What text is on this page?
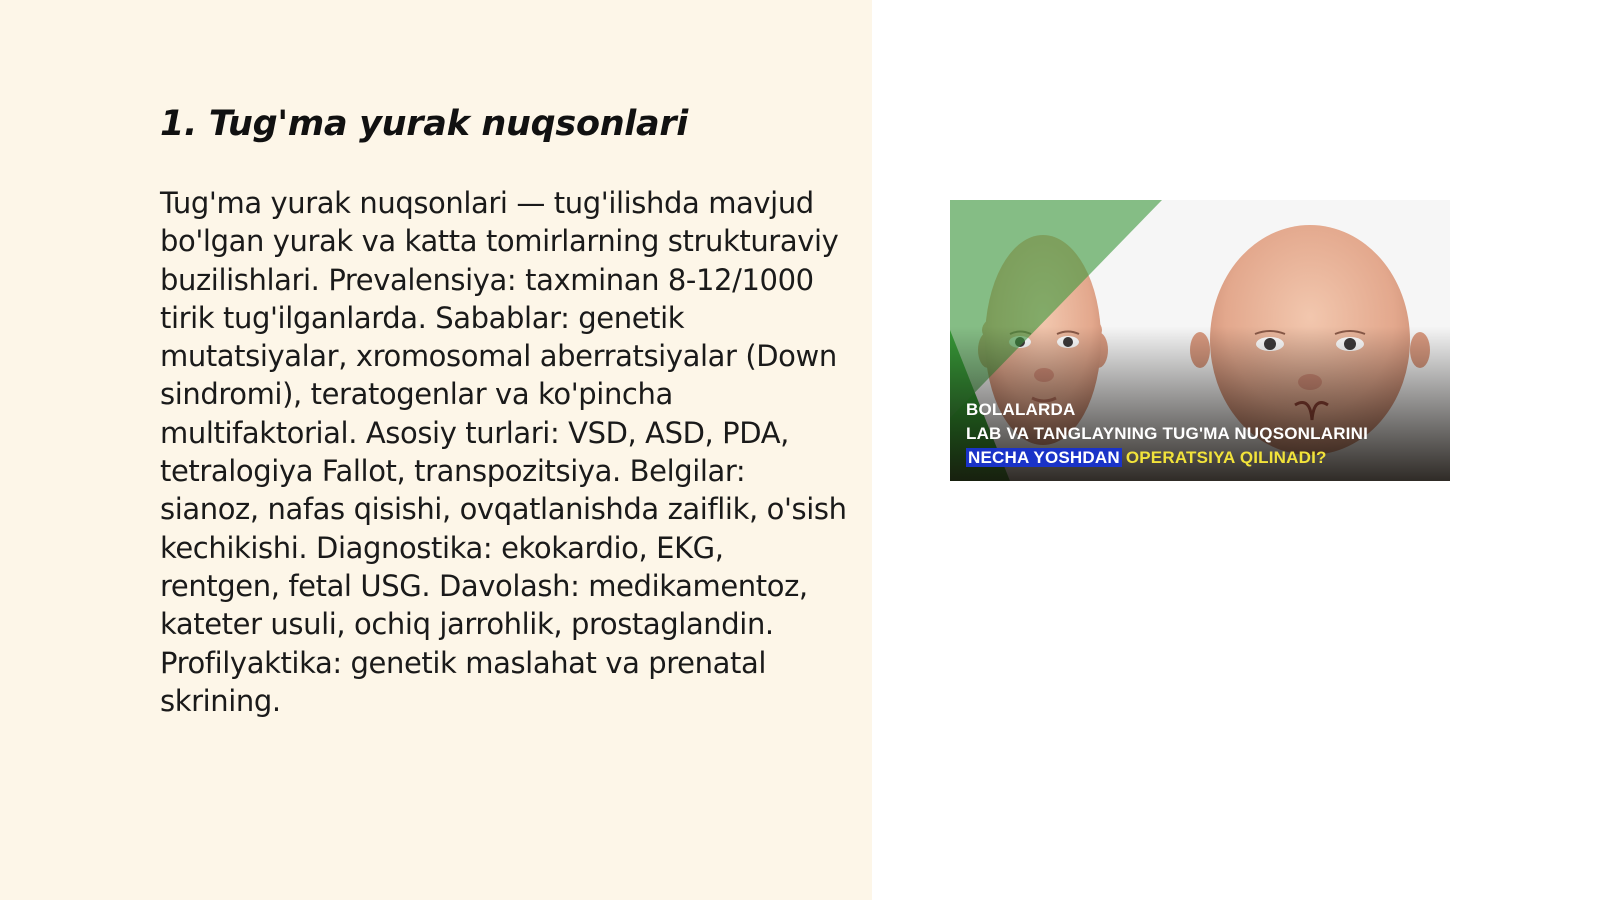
1. Tug'ma yurak nuqsonlari

Tug'ma yurak nuqsonlari — tug'ilishda mavjud bo'lgan yurak va katta tomirlarning strukturaviy buzilishlari. Prevalensiya: taxminan 8-12/1000 tirik tug'ilganlarda. Sabablar: genetik mutatsiyalar, xromosomal aberratsiyalar (Down sindromi), teratogenlar va ko'pincha multifaktorial. Asosiy turlari: VSD, ASD, PDA, tetralogiya Fallot, transpozitsiya. Belgilar: sianoz, nafas qisishi, ovqatlanishda zaiflik, o'sish kechikishi. Diagnostika: ekokardio, EKG, rentgen, fetal USG. Davolash: medikamentoz, kateter usuli, ochiq jarrohlik, prostaglandin. Profilyaktika: genetik maslahat va prenatal skrining.

BOLALARDA
LAB VA TANGLAYNING TUG'MA NUQSONLARINI
NECHA YOSHDAN OPERATSIYA QILINADI?
